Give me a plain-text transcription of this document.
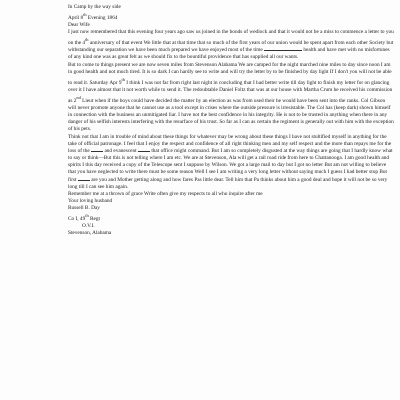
In Camp by the way side

April 8th Evening 1864

Dear Wife

I just now remembered that this evening four years ago saw us joined in the bonds of wedlock and that it would not be a miss to commence a letter to you on the 4th anniversary of that event We little that at that time that so much of the first years of our union would be spent apart from each other Society but withstanding our separation we have been much prepared we have enjoyed most of the time	health and have met with no misfortunes of any kind one was as great felt as we should fix to the bountiful providence that has supplied all our wants.

But to come to things present we are now seven miles from Stevenson Alabama We are camped for the night marched nine miles to day since noon I am in good health and not much tired. It is so dark I can hardly see to write and will try the letter by to be finished by day light If I don't you will not be able to read it. Saturday Apr 9th I think I was not far from right last night in concluding that I had better write till day light to finish my letter for on glancing over it I have almost that it not worth while to send it. The redoubtable Daniel Foltz that was at our house with Martha Crum he received his commission as 2nd Lieut when if the boys could have decided the matter by an election as was from used their he would have been sent into the ranks. Col Gibson will never promote anyone that he cannot use as a tool except in crises where the outside pressure is irresistable. The Col has (keep dark) shown himself in connection with the business an unmitigated liar. I have not the best confidence in his integrity. He is not to be trusted in anything when there in any danger of his selfish interests interfering with the resurface of his trust. So far as I can as certain the regiment is generally out with him with the exception of his pets.

Think not that I am in trouble of mind about these things for whatever may be wrong about these things I have not stultified myself in anything for the take of official patronage. I feel that I enjoy the respect and confidence of all right thinking men and my self respect and the more than repays me for the loss of the	and evanescent	that office might command. But I am so completely disgusted at the way things are going that I hardly know what to say or think—But this is not telling where I am etc. We are at Stevenson, Ala will get a rail road ride from here to Chattanooga. I am good health and spirits I this day received a copy of the Telescope sent I suppose by Wilson. We got a large mail to day but I got no letter But am not willing to believe that you have neglected to write there must be some reason Well I see I am writing a very long letter without saying much I guess I had better stop But first	are you and Mother getting along and how fares Pas little dear. Tell him that Pa thinks about him a good deal and hope it will not be so very long till I can see him again.

Remember me at a thrown of grace Write often give my respects to all who inquire after me

Your loving husband

Russell B. Day

Co I, 49th Regt

O.V.I.

Stevenson, Alabama
